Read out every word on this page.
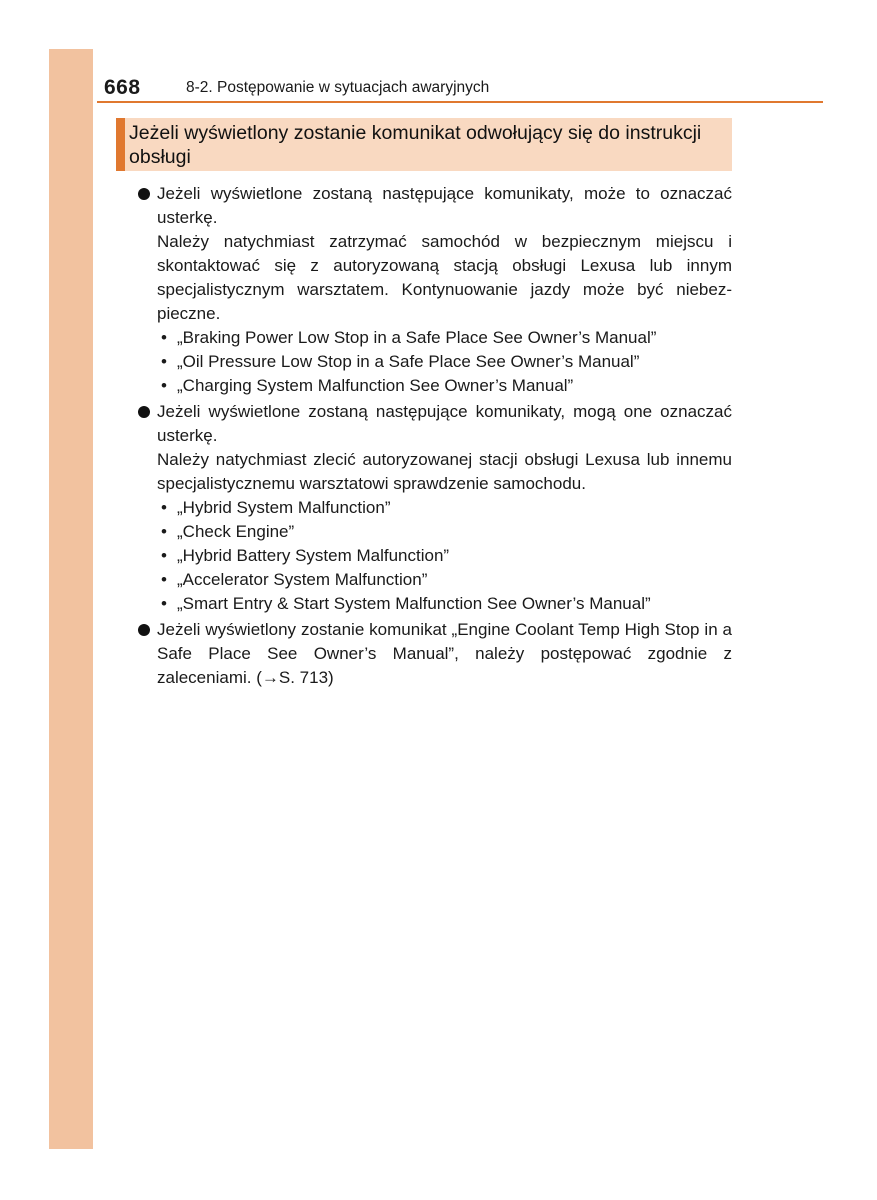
668	8-2. Postępowanie w sytuacjach awaryjnych
Jeżeli wyświetlony zostanie komunikat odwołujący się do instrukcji obsługi

Jeżeli wyświetlone zostaną następujące komunikaty, może to oznaczać usterkę.

Należy natychmiast zatrzymać samochód w bezpiecznym miejscu i skontaktować się z autoryzowaną stacją obsługi Lexusa lub innym specjalistycznym warsztatem. Kontynuowanie jazdy może być niebez-pieczne.

• „Braking Power Low Stop in a Safe Place See Owner’s Manual”
• „Oil Pressure Low Stop in a Safe Place See Owner’s Manual”
• „Charging System Malfunction See Owner’s Manual”

Jeżeli wyświetlone zostaną następujące komunikaty, mogą one oznaczać usterkę.

Należy natychmiast zlecić autoryzowanej stacji obsługi Lexusa lub innemu specjalistycznemu warsztatowi sprawdzenie samochodu.

• „Hybrid System Malfunction”
• „Check Engine”
• „Hybrid Battery System Malfunction”
• „Accelerator System Malfunction”
• „Smart Entry & Start System Malfunction See Owner’s Manual”

Jeżeli wyświetlony zostanie komunikat „Engine Coolant Temp High Stop in a Safe Place See Owner’s Manual”, należy postępować zgodnie z zaleceniami. (→S. 713)
